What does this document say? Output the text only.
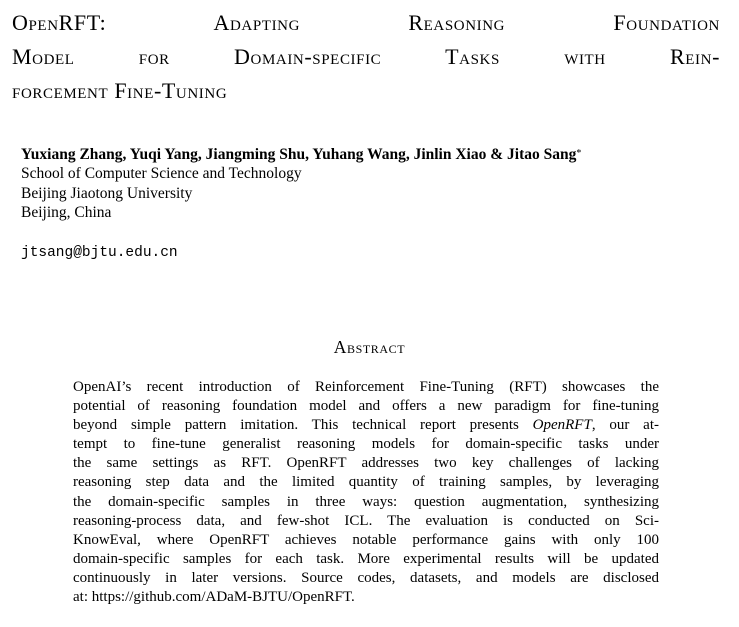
OpenRFT: Adapting Reasoning Foundation
Model for Domain-specific Tasks with Rein-
forcement Fine-Tuning
Yuxiang Zhang, Yuqi Yang, Jiangming Shu, Yuhang Wang, Jinlin Xiao & Jitao Sang*
School of Computer Science and Technology
Beijing Jiaotong University
Beijing, China
jtsang@bjtu.edu.cn
Abstract
OpenAI’s recent introduction of Reinforcement Fine-Tuning (RFT) showcases the
potential of reasoning foundation model and offers a new paradigm for fine-tuning
beyond simple pattern imitation. This technical report presents OpenRFT, our at-
tempt to fine-tune generalist reasoning models for domain-specific tasks under
the same settings as RFT. OpenRFT addresses two key challenges of lacking
reasoning step data and the limited quantity of training samples, by leveraging
the domain-specific samples in three ways: question augmentation, synthesizing
reasoning-process data, and few-shot ICL. The evaluation is conducted on Sci-
KnowEval, where OpenRFT achieves notable performance gains with only 100
domain-specific samples for each task. More experimental results will be updated
continuously in later versions. Source codes, datasets, and models are disclosed
at: https://github.com/ADaM-BJTU/OpenRFT.
